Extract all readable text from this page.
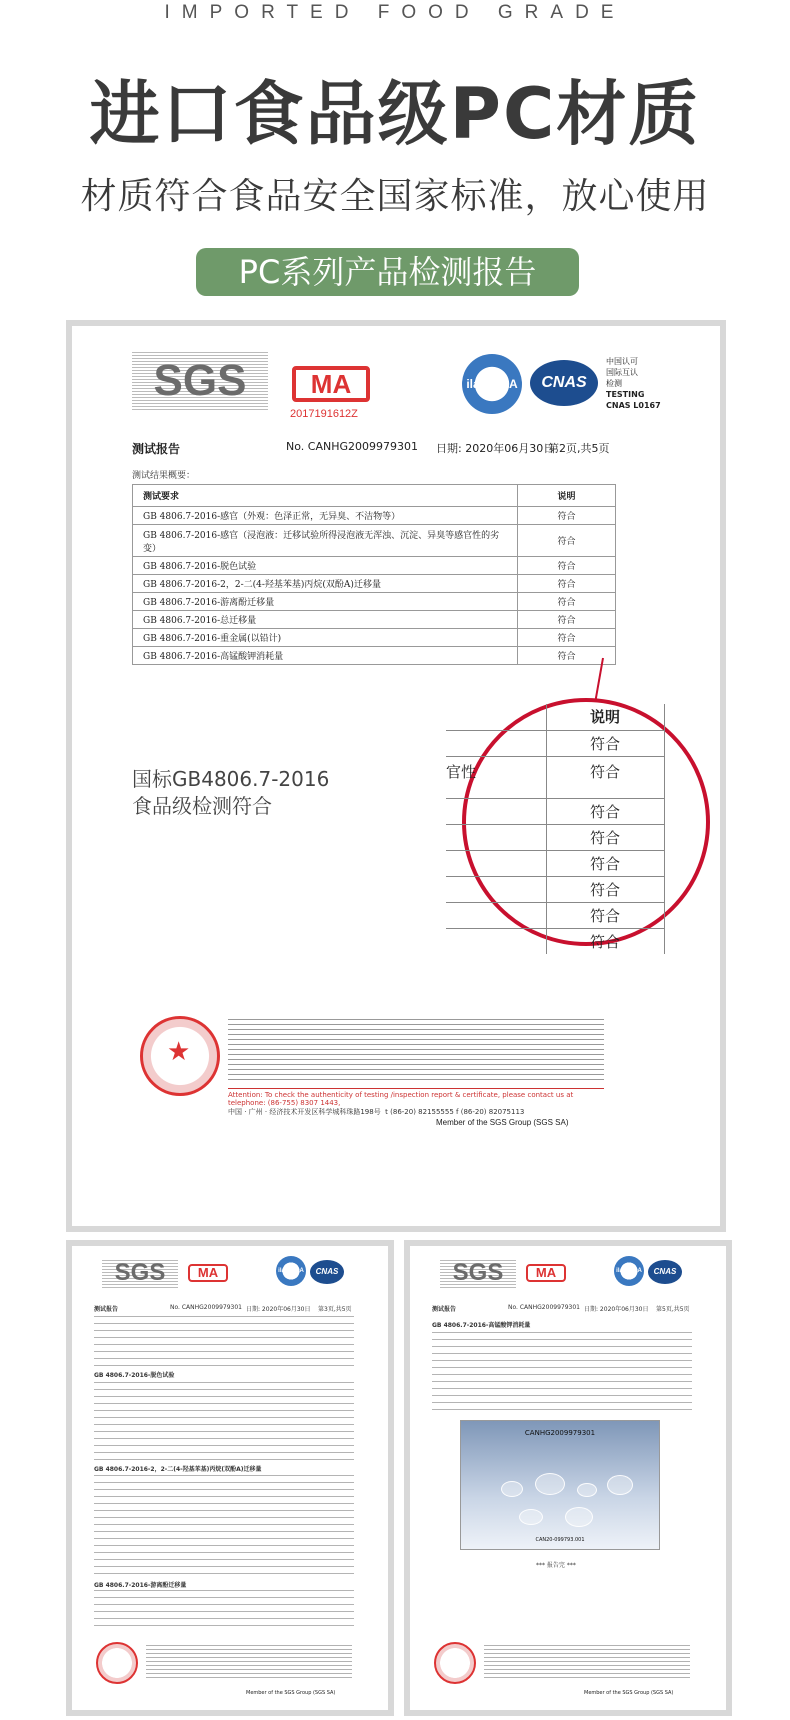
IMPORTED FOOD GRADE
进口食品级PC材质
材质符合食品安全国家标准，放心使用
PC系列产品检测报告
SGS	MA
2017191612Z
ilac-MRA	CNAS
中国认可
国际互认
检测
TESTING
CNAS L0167
测试报告	No. CANHG2009979301 日期: 2020年06月30日
第2页,共5页
测试结果概要：
测试要求	说明
GB 4806.7-2016-感官（外观：色泽正常，无异臭、不洁物等）	符合
GB 4806.7-2016-感官（浸泡液：迁移试验所得浸泡液无浑浊、沉淀、异臭等感官性的劣变）	符合
GB 4806.7-2016-脱色试验	符合
GB 4806.7-2016-2，2-二(4-羟基苯基)丙烷(双酚A)迁移量	符合
GB 4806.7-2016-游离酚迁移量	符合
GB 4806.7-2016-总迁移量	符合
GB 4806.7-2016-重金属(以铅计)	符合
GB 4806.7-2016-高锰酸钾消耗量	符合
	说明
	符合
官性	符合
	符合
	符合
	符合
	符合
	符合
	符合
国标GB4806.7-2016
食品级检测符合
★
Attention: To check the authenticity of testing /inspection report & certificate, please contact us at telephone: (86-755) 8307 1443,
中国 · 广州 · 经济技术开发区科学城科珠路198号 t (86-20) 82155555 f (86-20) 82075113
Member of the SGS Group (SGS SA)
SGS	MA	ilac-MRA	CNAS
测试报告	No. CANHG2009979301 日期: 2020年06月30日 第3页,共5页
GB 4806.7-2016-脱色试验
GB 4806.7-2016-2，2-二(4-羟基苯基)丙烷(双酚A)迁移量
GB 4806.7-2016-游离酚迁移量
Member of the SGS Group (SGS SA)
SGS	MA	ilac-MRA	CNAS
测试报告	No. CANHG2009979301 日期: 2020年06月30日 第5页,共5页
GB 4806.7-2016-高锰酸钾消耗量
CANHG2009979301
CAN20-099793.001
*** 报告完 ***
Member of the SGS Group (SGS SA)
